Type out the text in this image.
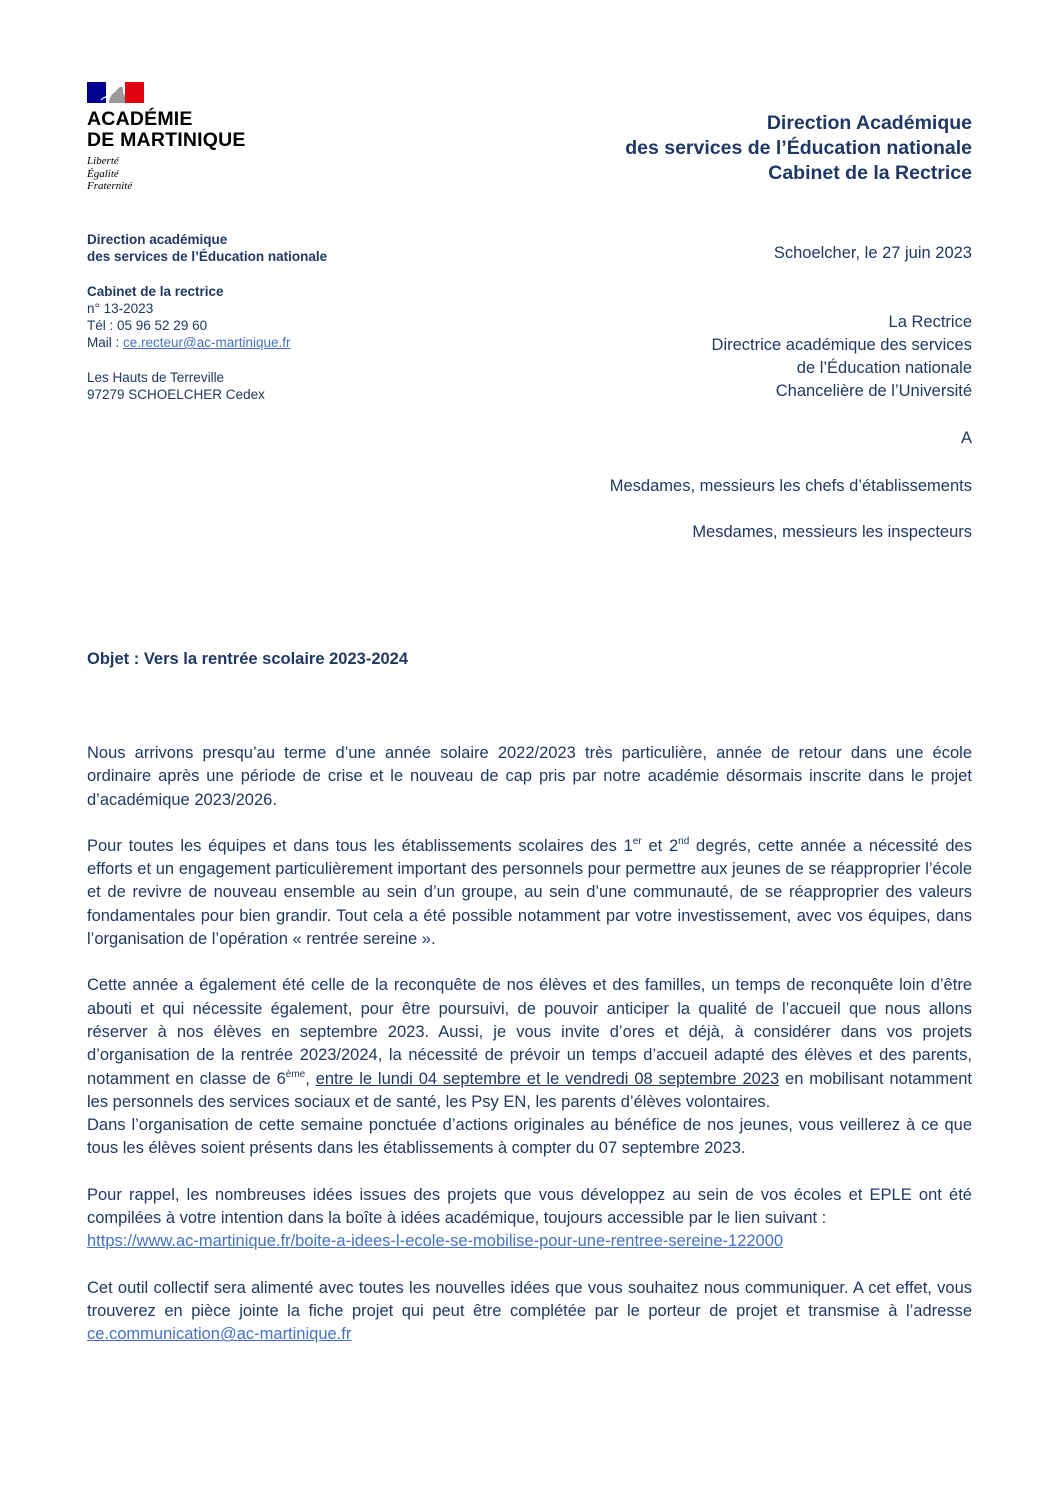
ACADÉMIE
DE MARTINIQUE
Liberté
Égalité
Fraternité
Direction Académique
des services de l’Éducation nationale
Cabinet de la Rectrice
Direction académique
des services de l’Éducation nationale
Cabinet de la rectrice
n° 13-2023
Tél : 05 96 52 29 60
Mail : ce.recteur@ac-martinique.fr
Les Hauts de Terreville
97279 SCHOELCHER Cedex
Schoelcher, le 27 juin 2023
La Rectrice
Directrice académique des services
de l’Éducation nationale
Chancelière de l’Université
A
Mesdames, messieurs les chefs d’établissements
Mesdames, messieurs les inspecteurs
Objet : Vers la rentrée scolaire 2023-2024

Nous arrivons presqu’au terme d’une année solaire 2022/2023 très particulière, année de retour dans une école ordinaire après une période de crise et le nouveau de cap pris par notre académie désormais inscrite dans le projet d’académique 2023/2026.

Pour toutes les équipes et dans tous les établissements scolaires des 1er et 2nd degrés, cette année a nécessité des efforts et un engagement particulièrement important des personnels pour permettre aux jeunes de se réapproprier l’école et de revivre de nouveau ensemble au sein d’un groupe, au sein d’une communauté, de se réapproprier des valeurs fondamentales pour bien grandir. Tout cela a été possible notamment par votre investissement, avec vos équipes, dans l’organisation de l’opération « rentrée sereine ».

Cette année a également été celle de la reconquête de nos élèves et des familles, un temps de reconquête loin d’être abouti et qui nécessite également, pour être poursuivi, de pouvoir anticiper la qualité de l’accueil que nous allons réserver à nos élèves en septembre 2023. Aussi, je vous invite d’ores et déjà, à considérer dans vos projets d’organisation de la rentrée 2023/2024, la nécessité de prévoir un temps d’accueil adapté des élèves et des parents, notamment en classe de 6ème, entre le lundi 04 septembre et le vendredi 08 septembre 2023 en mobilisant notamment les personnels des services sociaux et de santé, les Psy EN, les parents d’élèves volontaires.
Dans l’organisation de cette semaine ponctuée d’actions originales au bénéfice de nos jeunes, vous veillerez à ce que tous les élèves soient présents dans les établissements à compter du 07 septembre 2023.

Pour rappel, les nombreuses idées issues des projets que vous développez au sein de vos écoles et EPLE ont été compilées à votre intention dans la boîte à idées académique, toujours accessible par le lien suivant :
https://www.ac-martinique.fr/boite-a-idees-l-ecole-se-mobilise-pour-une-rentree-sereine-122000

Cet outil collectif sera alimenté avec toutes les nouvelles idées que vous souhaitez nous communiquer. A cet effet, vous trouverez en pièce jointe la fiche projet qui peut être complétée par le porteur de projet et transmise à l’adresse ce.communication@ac-martinique.fr
